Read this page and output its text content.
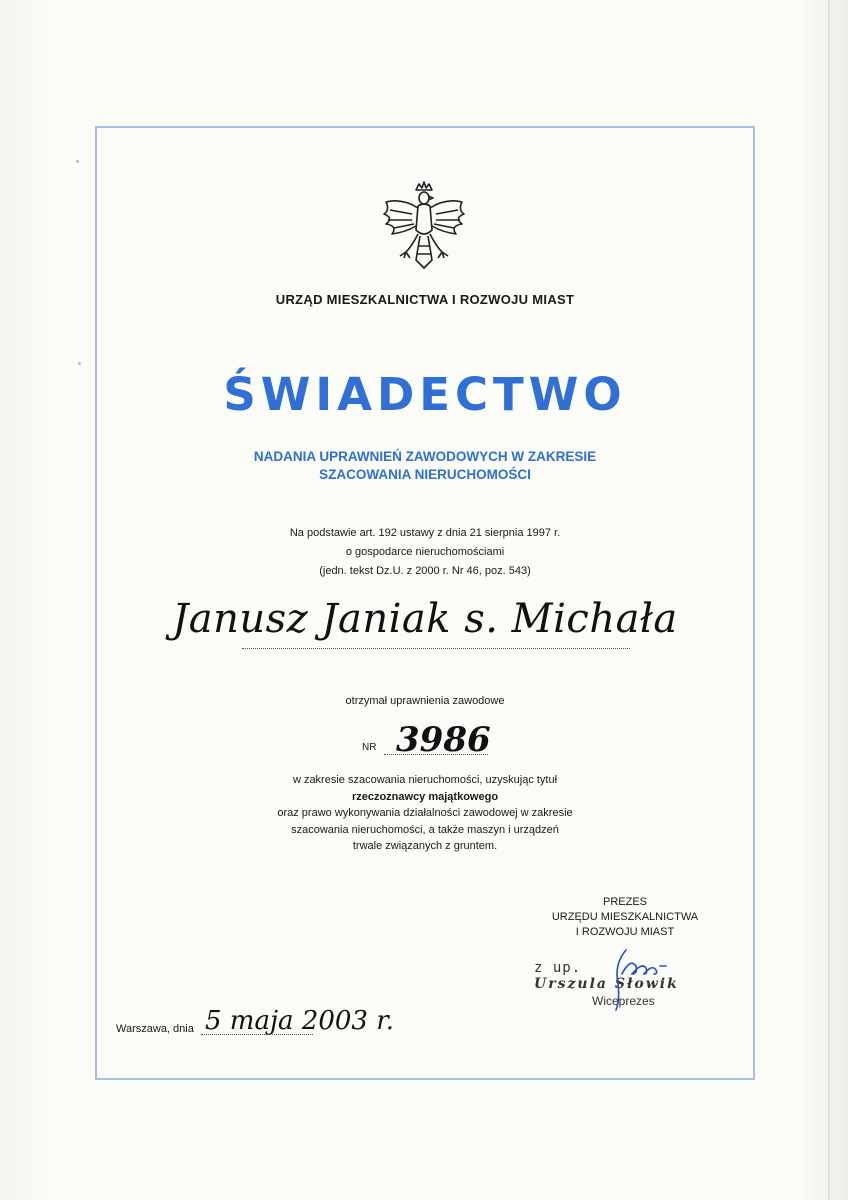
URZĄD MIESZKALNICTWA I ROZWOJU MIAST
ŚWIADECTWO
NADANIA UPRAWNIEŃ ZAWODOWYCH W ZAKRESIE
SZACOWANIA NIERUCHOMOŚCI
Na podstawie art. 192 ustawy z dnia 21 sierpnia 1997 r.
o gospodarce nieruchomościami
(jedn. tekst Dz.U. z 2000 r. Nr 46, poz. 543)
Janusz Janiak s. Michała
otrzymał uprawnienia zawodowe
NR 3986
w zakresie szacowania nieruchomości, uzyskując tytuł
rzeczoznawcy majątkowego
oraz prawo wykonywania działalności zawodowej w zakresie
szacowania nieruchomości, a także maszyn i urządzeń
trwale związanych z gruntem.
PREZES
URZĘDU MIESZKALNICTWA
I ROZWOJU MIAST
z up.
Urszula Słowik
Wiceprezes
Warszawa, dnia 5 maja 2003 r.
